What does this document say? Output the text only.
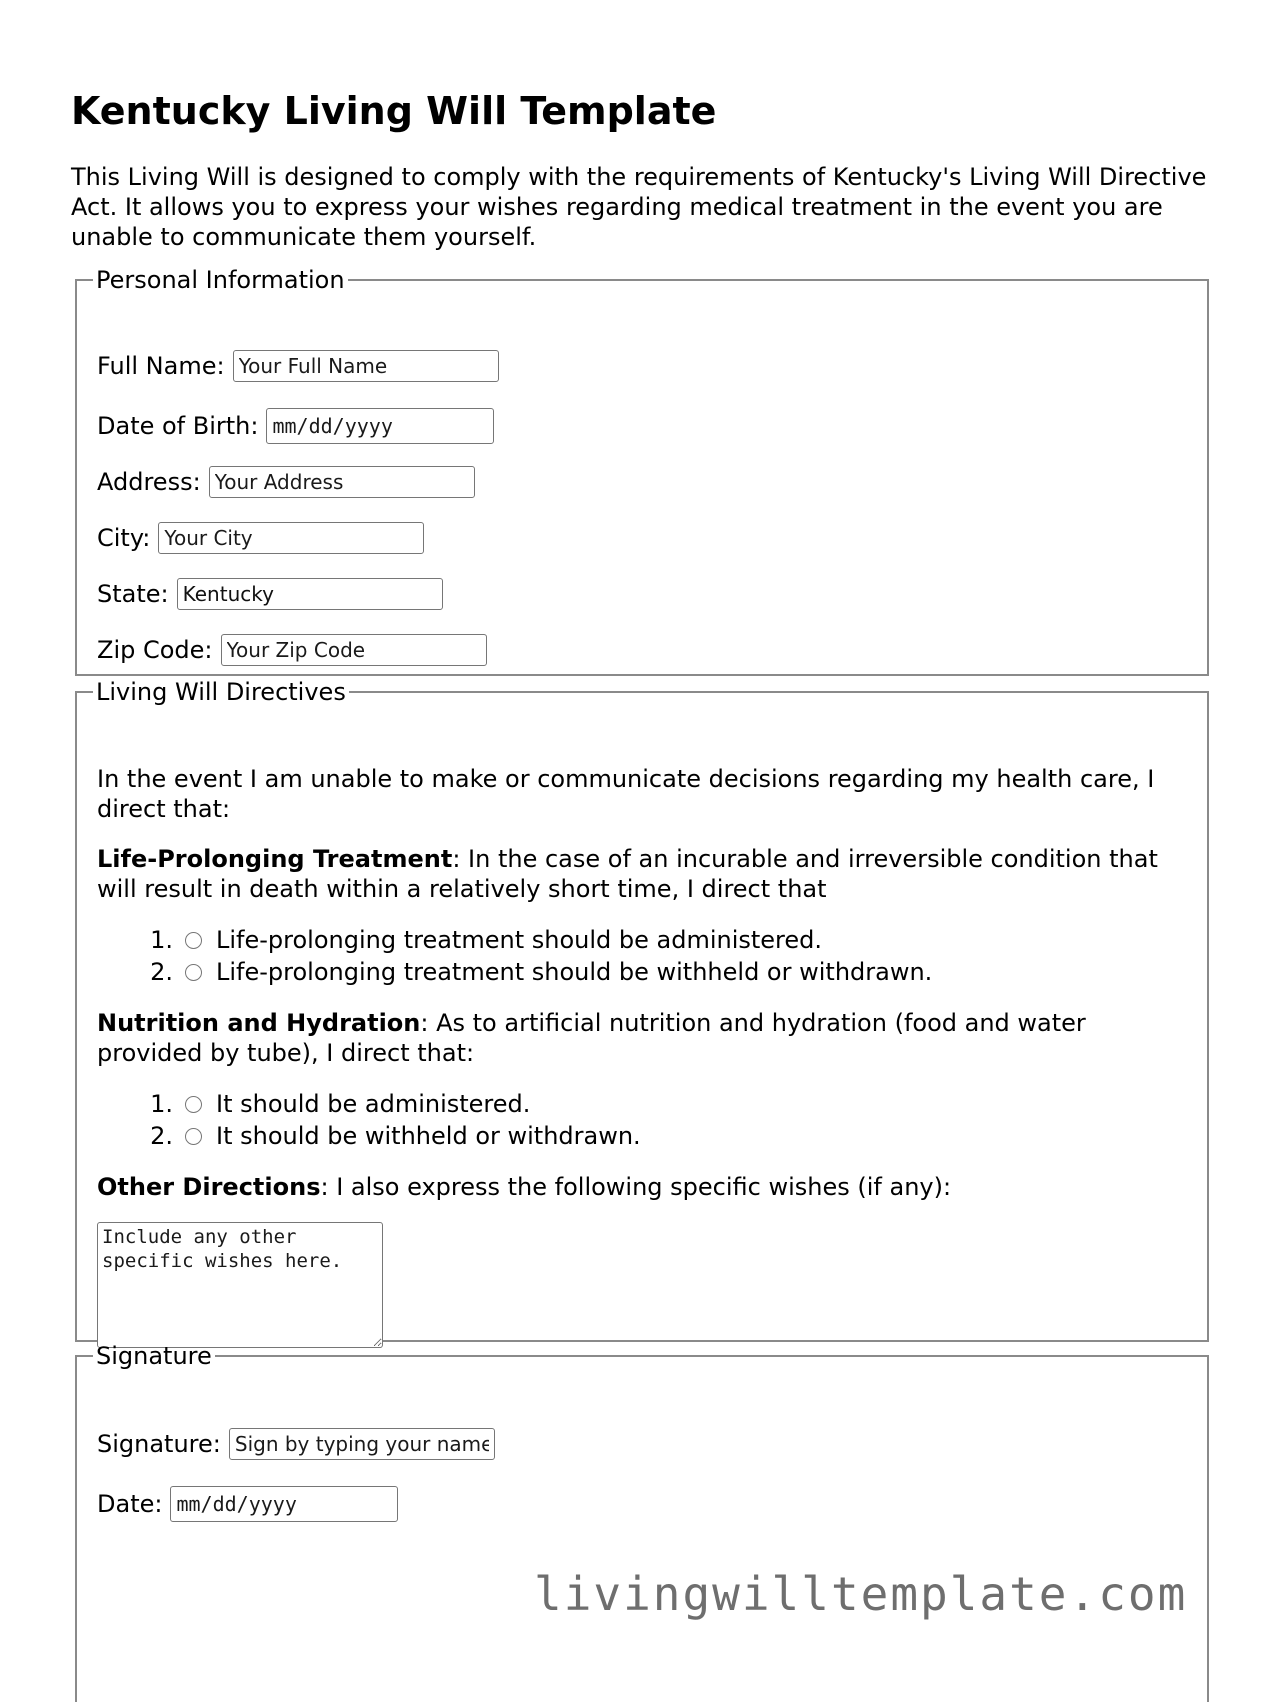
Kentucky Living Will Template

This Living Will is designed to comply with the requirements of Kentucky's Living Will Directive Act. It allows you to express your wishes regarding medical treatment in the event you are unable to communicate them yourself.

Personal Information
Full Name:
Your Full Name
Date of Birth:
mm/dd/yyyy
Address:
Your Address
City:
Your City
State:
Kentucky
Zip Code:
Your Zip Code
Living Will Directives

In the event I am unable to make or communicate decisions regarding my health care, I direct that:

Life-Prolonging Treatment: In the case of an incurable and irreversible condition that will result in death within a relatively short time, I direct that

1. Life-prolonging treatment should be administered.
2. Life-prolonging treatment should be withheld or withdrawn.

Nutrition and Hydration: As to artificial nutrition and hydration (food and water provided by tube), I direct that:

1. It should be administered.
2. It should be withheld or withdrawn.

Other Directions: I also express the following specific wishes (if any):

Include any other specific wishes here.
Signature
Signature:
Sign by typing your name
Date:
mm/dd/yyyy
livingwilltemplate.com
